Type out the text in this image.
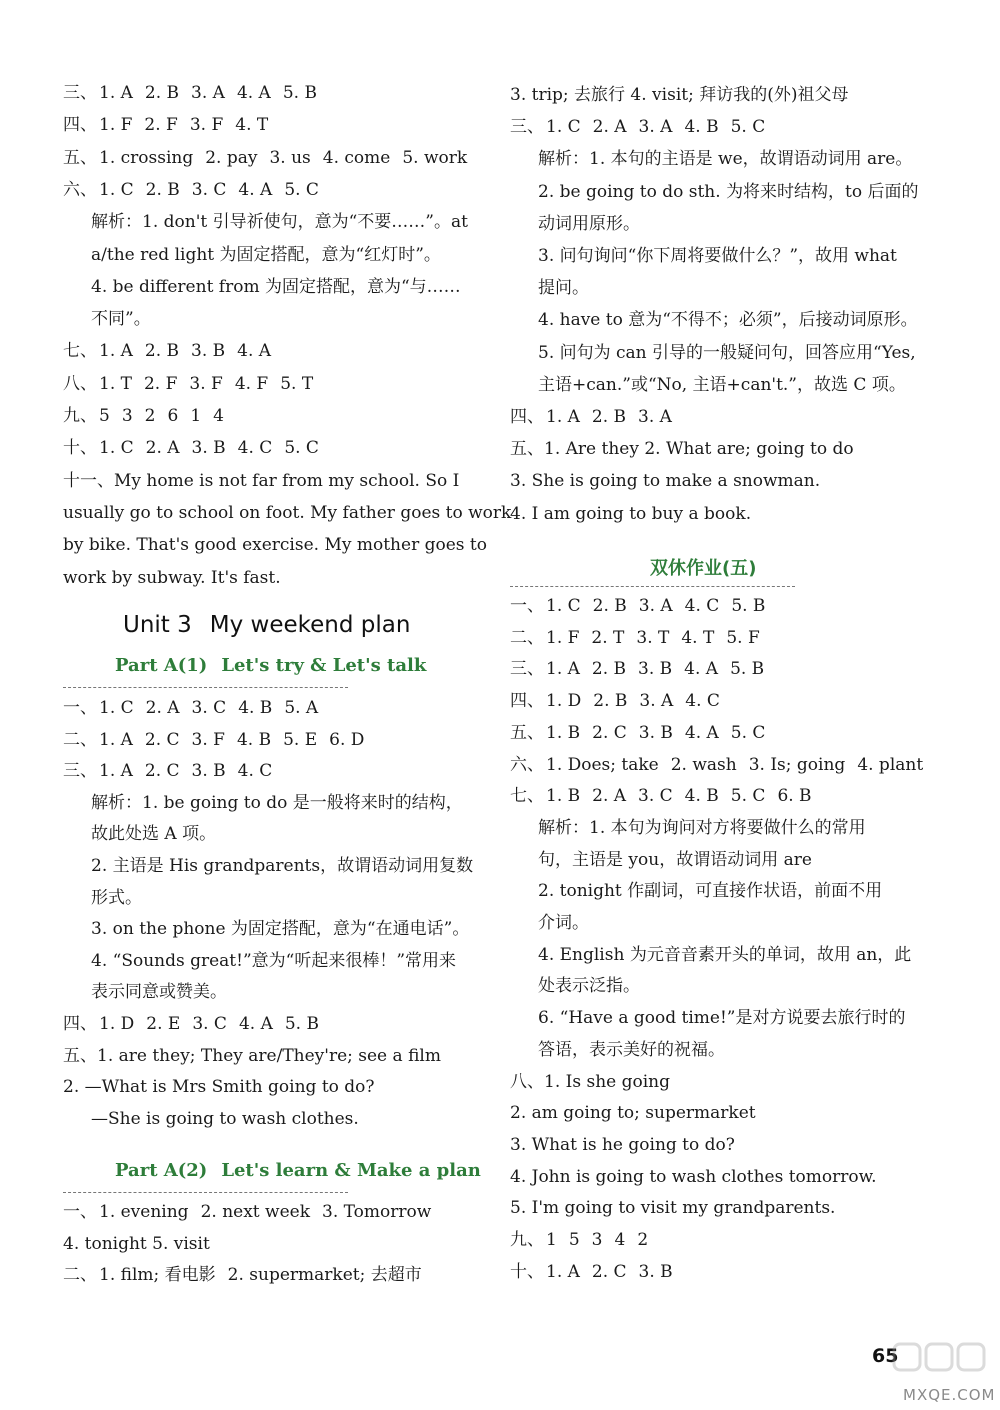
三、 1. A 2. B 3. A 4. A 5. B
四、 1. F 2. F 3. F 4. T
五、 1. crossing 2. pay 3. us 4. come 5. work
六、 1. C 2. B 3. C 4. A 5. C
解析：1. don't 引导祈使句，意为“不要……”。at
a/the red light 为固定搭配，意为“红灯时”。
4. be different from 为固定搭配，意为“与……
不同”。
七、 1. A 2. B 3. B 4. A
八、 1. T 2. F 3. F 4. F 5. T
九、 5 3 2 6 1 4
十、 1. C 2. A 3. B 4. C 5. C
十一、My home is not far from my school. So I
usually go to school on foot. My father goes to work
by bike. That's good exercise. My mother goes to
work by subway. It's fast.
Unit 3 My weekend plan
Part A(1) Let's try & Let's talk
一、 1. C 2. A 3. C 4. B 5. A
二、 1. A 2. C 3. F 4. B 5. E 6. D
三、 1. A 2. C 3. B 4. C
解析：1. be going to do 是一般将来时的结构，
故此处选 A 项。
2. 主语是 His grandparents，故谓语动词用复数
形式。
3. on the phone 为固定搭配，意为“在通电话”。
4. “Sounds great!”意为“听起来很棒！”常用来
表示同意或赞美。
四、 1. D 2. E 3. C 4. A 5. B
五、1. are they; They are/They're; see a film
2. —What is Mrs Smith going to do?
—She is going to wash clothes.
Part A(2) Let's learn & Make a plan
一、 1. evening 2. next week 3. Tomorrow
4. tonight 5. visit
二、 1. film; 看电影 2. supermarket; 去超市
3. trip; 去旅行 4. visit; 拜访我的(外)祖父母
三、 1. C 2. A 3. A 4. B 5. C
解析：1. 本句的主语是 we，故谓语动词用 are。
2. be going to do sth. 为将来时结构，to 后面的
动词用原形。
3. 问句询问“你下周将要做什么？”，故用 what
提问。
4. have to 意为“不得不；必须”，后接动词原形。
5. 问句为 can 引导的一般疑问句，回答应用“Yes,
主语+can.”或“No, 主语+can't.”，故选 C 项。
四、 1. A 2. B 3. A
五、1. Are they 2. What are; going to do
3. She is going to make a snowman.
4. I am going to buy a book.
双休作业(五)
一、 1. C 2. B 3. A 4. C 5. B
二、 1. F 2. T 3. T 4. T 5. F
三、 1. A 2. B 3. B 4. A 5. B
四、 1. D 2. B 3. A 4. C
五、 1. B 2. C 3. B 4. A 5. C
六、 1. Does; take 2. wash 3. Is; going 4. plant
七、 1. B 2. A 3. C 4. B 5. C 6. B
解析：1. 本句为询问对方将要做什么的常用
句，主语是 you，故谓语动词用 are
2. tonight 作副词，可直接作状语，前面不用
介词。
4. English 为元音音素开头的单词，故用 an，此
处表示泛指。
6. “Have a good time!”是对方说要去旅行时的
答语，表示美好的祝福。
八、1. Is she going
2. am going to; supermarket
3. What is he going to do?
4. John is going to wash clothes tomorrow.
5. I'm going to visit my grandparents.
九、 1 5 3 4 2
十、 1. A 2. C 3. B
65
MXQE.COM
